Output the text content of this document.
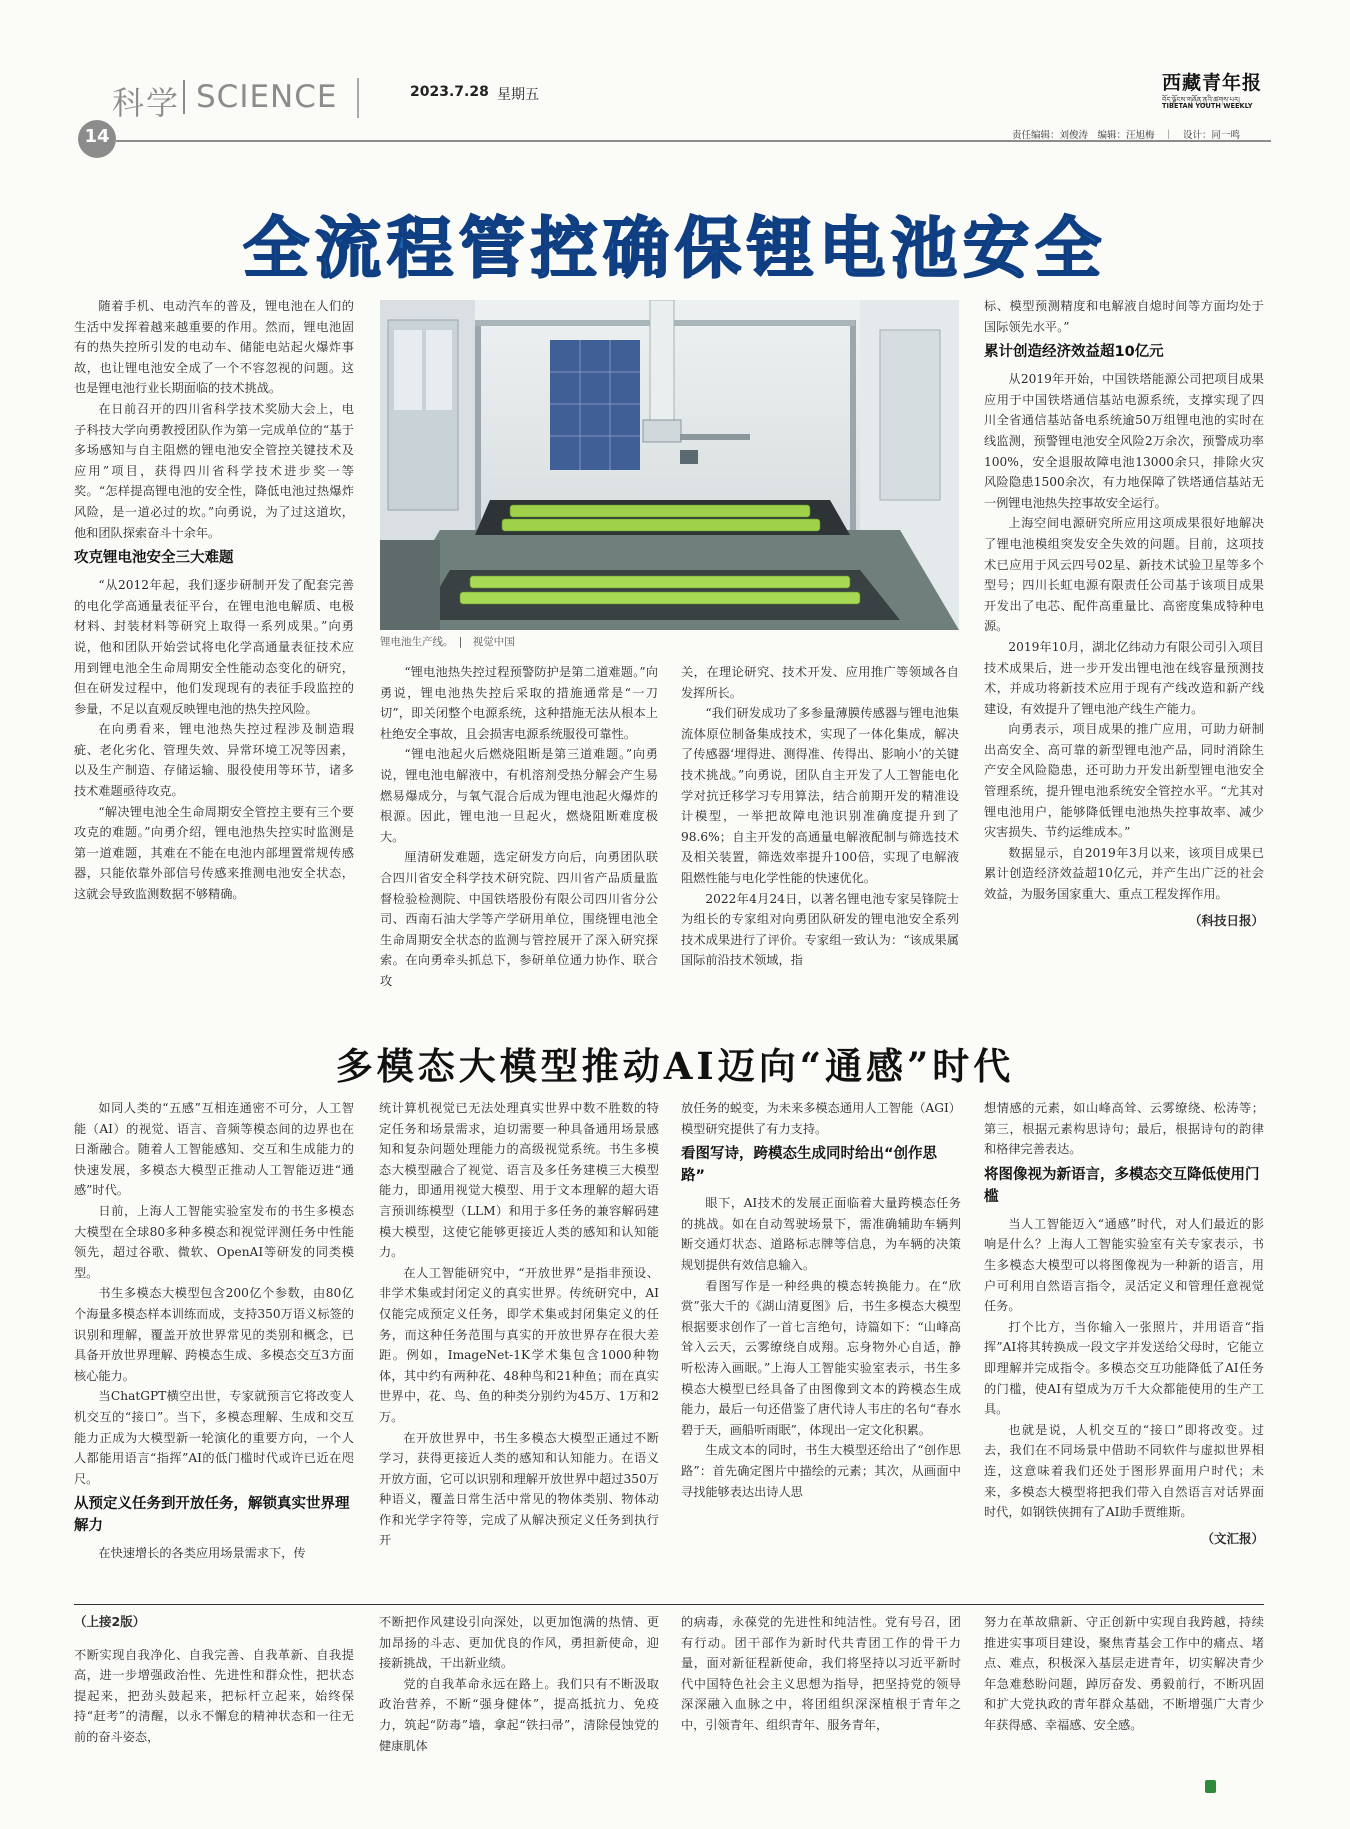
科学 SCIENCE	2023.7.28 星期五
14
西藏青年报
བོད་ལྗོངས་གཞོན་ནུའི་ཚགས་པར།
TIBETAN YOUTH WEEKLY
责任编辑：刘俊涛　编辑：汪旭梅　｜　设计：同一鸣
全流程管控确保锂电池安全

随着手机、电动汽车的普及，锂电池在人们的生活中发挥着越来越重要的作用。然而，锂电池固有的热失控所引发的电动车、储能电站起火爆炸事故，也让锂电池安全成了一个不容忽视的问题。这也是锂电池行业长期面临的技术挑战。

在日前召开的四川省科学技术奖励大会上，电子科技大学向勇教授团队作为第一完成单位的“基于多场感知与自主阻燃的锂电池安全管控关键技术及应用”项目，获得四川省科学技术进步奖一等奖。“怎样提高锂电池的安全性，降低电池过热爆炸风险，是一道必过的坎。”向勇说，为了过这道坎，他和团队探索奋斗十余年。

攻克锂电池安全三大难题

“从2012年起，我们逐步研制开发了配套完善的电化学高通量表征平台，在锂电池电解质、电极材料、封装材料等研究上取得一系列成果。”向勇说，他和团队开始尝试将电化学高通量表征技术应用到锂电池全生命周期安全性能动态变化的研究，但在研发过程中，他们发现现有的表征手段监控的参量，不足以直观反映锂电池的热失控风险。

在向勇看来，锂电池热失控过程涉及制造瑕疵、老化劣化、管理失效、异常环境工况等因素，以及生产制造、存储运输、服役使用等环节，诸多技术难题亟待攻克。

“解决锂电池全生命周期安全管控主要有三个要攻克的难题。”向勇介绍，锂电池热失控实时监测是第一道难题，其难在不能在电池内部埋置常规传感器，只能依靠外部信号传感来推测电池安全状态，这就会导致监测数据不够精确。

锂电池生产线。　|　视觉中国

“锂电池热失控过程预警防护是第二道难题。”向勇说，锂电池热失控后采取的措施通常是“一刀切”，即关闭整个电源系统，这种措施无法从根本上杜绝安全事故，且会损害电源系统服役可靠性。

“锂电池起火后燃烧阻断是第三道难题。”向勇说，锂电池电解液中，有机溶剂受热分解会产生易燃易爆成分，与氧气混合后成为锂电池起火爆炸的根源。因此，锂电池一旦起火，燃烧阻断难度极大。

厘清研发难题，选定研发方向后，向勇团队联合四川省安全科学技术研究院、四川省产品质量监督检验检测院、中国铁塔股份有限公司四川省分公司、西南石油大学等产学研用单位，围绕锂电池全生命周期安全状态的监测与管控展开了深入研究探索。在向勇牵头抓总下，参研单位通力协作、联合攻

关，在理论研究、技术开发、应用推广等领域各自发挥所长。

“我们研发成功了多参量薄膜传感器与锂电池集流体原位制备集成技术，实现了一体化集成，解决了传感器‘埋得进、测得准、传得出、影响小’的关键技术挑战。”向勇说，团队自主开发了人工智能电化学对抗迁移学习专用算法，结合前期开发的精准设计模型，一举把故障电池识别准确度提升到了98.6%；自主开发的高通量电解液配制与筛选技术及相关装置，筛选效率提升100倍，实现了电解液阻燃性能与电化学性能的快速优化。

2022年4月24日，以著名锂电池专家吴锋院士为组长的专家组对向勇团队研发的锂电池安全系列技术成果进行了评价。专家组一致认为：“该成果属国际前沿技术领域，指

标、模型预测精度和电解液自熄时间等方面均处于国际领先水平。”

累计创造经济效益超10亿元

从2019年开始，中国铁塔能源公司把项目成果应用于中国铁塔通信基站电源系统，支撑实现了四川全省通信基站备电系统逾50万组锂电池的实时在线监测，预警锂电池安全风险2万余次，预警成功率100%，安全退服故障电池13000余只，排除火灾风险隐患1500余次，有力地保障了铁塔通信基站无一例锂电池热失控事故安全运行。

上海空间电源研究所应用这项成果很好地解决了锂电池模组突发安全失效的问题。目前，这项技术已应用于风云四号02星、新技术试验卫星等多个型号；四川长虹电源有限责任公司基于该项目成果开发出了电芯、配件高重量比、高密度集成特种电源。

2019年10月，湖北亿纬动力有限公司引入项目技术成果后，进一步开发出锂电池在线容量预测技术，并成功将新技术应用于现有产线改造和新产线建设，有效提升了锂电池产线生产能力。

向勇表示，项目成果的推广应用，可助力研制出高安全、高可靠的新型锂电池产品，同时消除生产安全风险隐患，还可助力开发出新型锂电池安全管理系统，提升锂电池系统安全管控水平。“尤其对锂电池用户，能够降低锂电池热失控事故率、减少灾害损失、节约运维成本。”

数据显示，自2019年3月以来，该项目成果已累计创造经济效益超10亿元，并产生出广泛的社会效益，为服务国家重大、重点工程发挥作用。

（科技日报）
多模态大模型推动AI迈向“通感”时代

如同人类的“五感”互相连通密不可分，人工智能（AI）的视觉、语言、音频等模态间的边界也在日渐融合。随着人工智能感知、交互和生成能力的快速发展，多模态大模型正推动人工智能迈进“通感”时代。

日前，上海人工智能实验室发布的书生多模态大模型在全球80多种多模态和视觉评测任务中性能领先，超过谷歌、微软、OpenAI等研发的同类模型。

书生多模态大模型包含200亿个参数，由80亿个海量多模态样本训练而成，支持350万语义标签的识别和理解，覆盖开放世界常见的类别和概念，已具备开放世界理解、跨模态生成、多模态交互3方面核心能力。

当ChatGPT横空出世，专家就预言它将改变人机交互的“接口”。当下，多模态理解、生成和交互能力正成为大模型新一轮演化的重要方向，一个人人都能用语言“指挥”AI的低门槛时代或许已近在咫尺。

从预定义任务到开放任务，解锁真实世界理解力

在快速增长的各类应用场景需求下，传

统计算机视觉已无法处理真实世界中数不胜数的特定任务和场景需求，迫切需要一种具备通用场景感知和复杂问题处理能力的高级视觉系统。书生多模态大模型融合了视觉、语言及多任务建模三大模型能力，即通用视觉大模型、用于文本理解的超大语言预训练模型（LLM）和用于多任务的兼容解码建模大模型，这使它能够更接近人类的感知和认知能力。

在人工智能研究中，“开放世界”是指非预设、非学术集或封闭定义的真实世界。传统研究中，AI仅能完成预定义任务，即学术集或封闭集定义的任务，而这种任务范围与真实的开放世界存在很大差距。例如，ImageNet-1K学术集包含1000种物体，其中约有两种花、48种鸟和21种鱼；而在真实世界中，花、鸟、鱼的种类分别约为45万、1万和2万。

在开放世界中，书生多模态大模型正通过不断学习，获得更接近人类的感知和认知能力。在语义开放方面，它可以识别和理解开放世界中超过350万种语义，覆盖日常生活中常见的物体类别、物体动作和光学字符等，完成了从解决预定义任务到执行开

放任务的蜕变，为未来多模态通用人工智能（AGI）模型研究提供了有力支持。

看图写诗，跨模态生成同时给出“创作思路”

眼下，AI技术的发展正面临着大量跨模态任务的挑战。如在自动驾驶场景下，需准确辅助车辆判断交通灯状态、道路标志牌等信息，为车辆的决策规划提供有效信息输入。

看图写作是一种经典的模态转换能力。在“欣赏”张大千的《湖山清夏图》后，书生多模态大模型根据要求创作了一首七言绝句，诗篇如下：“山峰高耸入云天，云雾缭绕自成翔。忘身物外心自适，静听松涛入画眠。”上海人工智能实验室表示，书生多模态大模型已经具备了由图像到文本的跨模态生成能力，最后一句还借鉴了唐代诗人韦庄的名句“春水碧于天，画船听雨眠”，体现出一定文化积累。

生成文本的同时，书生大模型还给出了“创作思路”：首先确定图片中描绘的元素；其次，从画面中寻找能够表达出诗人思

想情感的元素，如山峰高耸、云雾缭绕、松涛等；第三，根据元素构思诗句；最后，根据诗句的韵律和格律完善表达。

将图像视为新语言，多模态交互降低使用门槛

当人工智能迈入“通感”时代，对人们最近的影响是什么？上海人工智能实验室有关专家表示，书生多模态大模型可以将图像视为一种新的语言，用户可利用自然语言指令，灵活定义和管理任意视觉任务。

打个比方，当你输入一张照片，并用语音“指挥”AI将其转换成一段文字并发送给父母时，它能立即理解并完成指令。多模态交互功能降低了AI任务的门槛，使AI有望成为万千大众都能使用的生产工具。

也就是说，人机交互的“接口”即将改变。过去，我们在不同场景中借助不同软件与虚拟世界相连，这意味着我们还处于图形界面用户时代；未来，多模态大模型将把我们带入自然语言对话界面时代，如钢铁侠拥有了AI助手贾维斯。

（文汇报）
（上接2版）

不断实现自我净化、自我完善、自我革新、自我提高，进一步增强政治性、先进性和群众性，把状态提起来，把劲头鼓起来，把标杆立起来，始终保持“赶考”的清醒，以永不懈怠的精神状态和一往无前的奋斗姿态，

不断把作风建设引向深处，以更加饱满的热情、更加昂扬的斗志、更加优良的作风，勇担新使命，迎接新挑战，干出新业绩。

党的自我革命永远在路上。我们只有不断汲取政治营养，不断“强身健体”，提高抵抗力、免疫力，筑起“防毒”墙，拿起“铁扫帚”，清除侵蚀党的健康肌体

的病毒，永葆党的先进性和纯洁性。党有号召，团有行动。团干部作为新时代共青团工作的骨干力量，面对新征程新使命，我们将坚持以习近平新时代中国特色社会主义思想为指导，把坚持党的领导深深融入血脉之中，将团组织深深植根于青年之中，引领青年、组织青年、服务青年，

努力在革故鼎新、守正创新中实现自我跨越，持续推进实事项目建设，聚焦青基会工作中的痛点、堵点、难点，积极深入基层走进青年，切实解决青少年急难愁盼问题，踔厉奋发、勇毅前行，不断巩固和扩大党执政的青年群众基础，不断增强广大青少年获得感、幸福感、安全感。
